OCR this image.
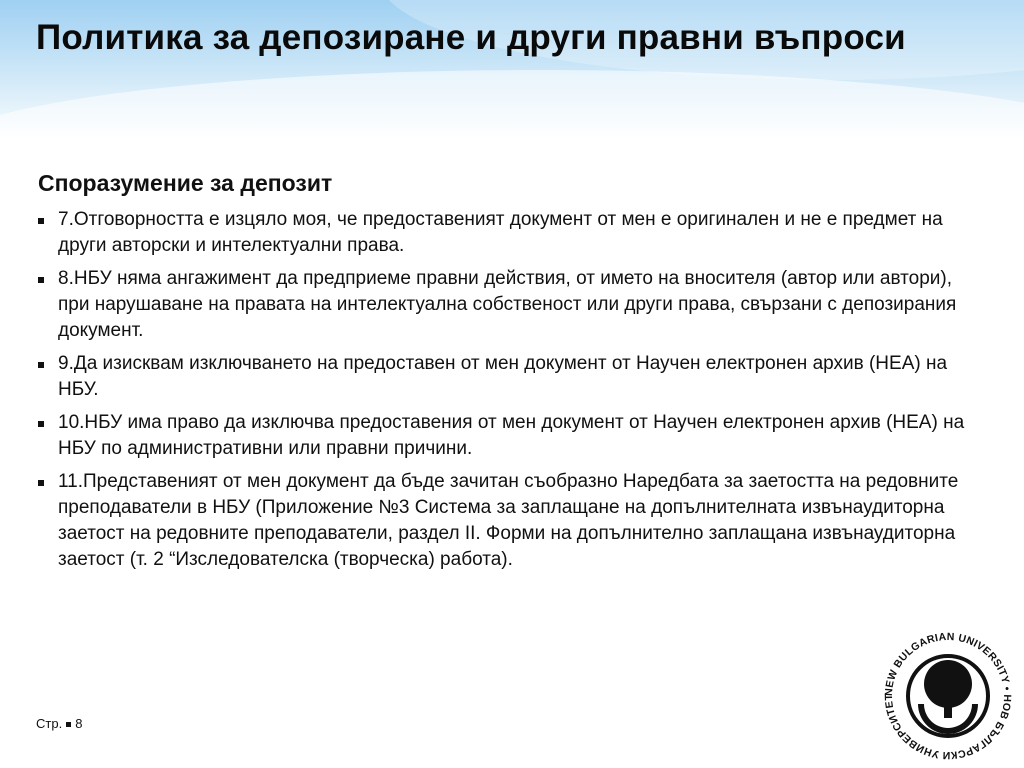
Политика за депозиране и други правни въпроси
Споразумение за депозит
7.Отговорността е изцяло моя, че предоставеният документ от мен е оригинален и не е предмет на други авторски и интелектуални права.
8.НБУ няма ангажимент да предприеме правни действия, от името на вносителя (автор или автори), при нарушаване на правата на интелектуална собственост или други права, свързани с депозирания документ.
9.Да изисквам изключването на предоставен от мен документ от Научен електронен архив (НЕА) на НБУ.
10.НБУ има право да изключва предоставения от мен документ от Научен електронен архив (НЕА) на НБУ по административни или правни причини.
11.Представеният от мен документ да бъде зачитан съобразно Наредбата за заетостта на редовните преподаватели в НБУ (Приложение №3 Система за заплащане на допълнителната извънаудиторна заетост на редовните преподаватели, раздел II. Форми на допълнително заплащана извънаудиторна заетост (т. 2 “Изследователска (творческа) работа).
Стр. 8
NEW BULGARIAN UNIVERSITY • НОВ БЪЛГАРСКИ УНИВЕРСИТЕТ
